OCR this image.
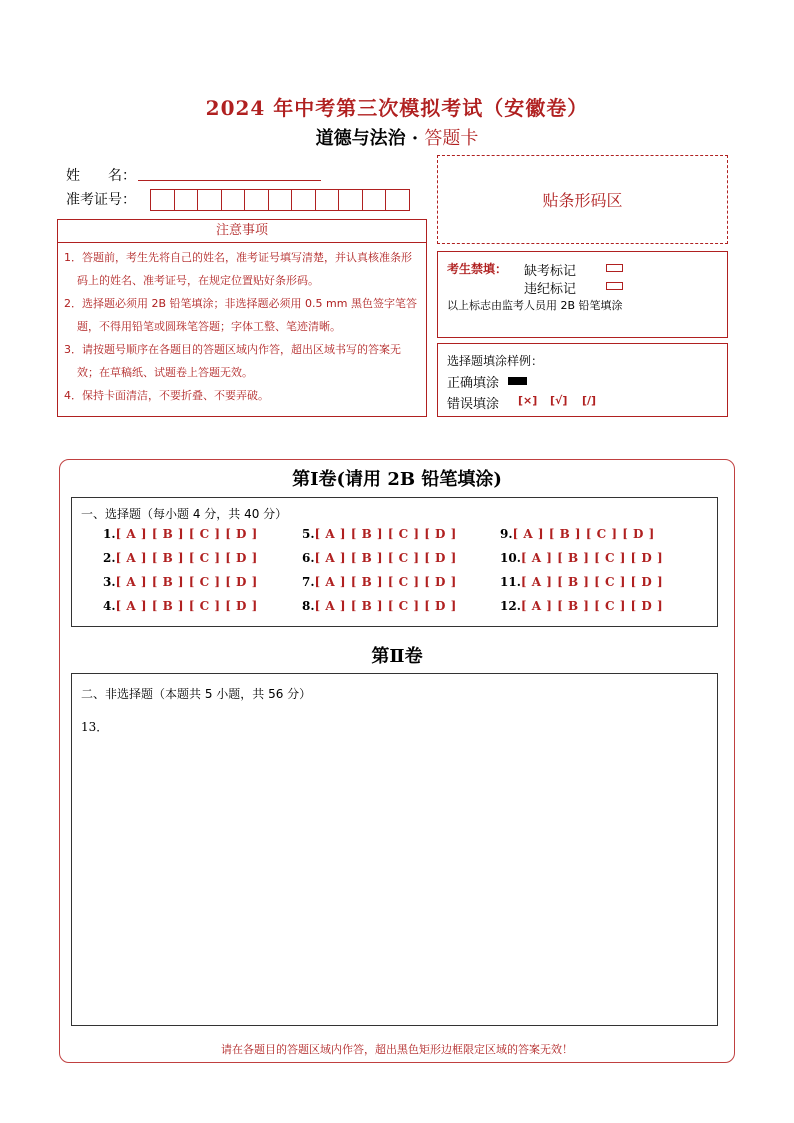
2024 年中考第三次模拟考试（安徽卷）
道德与法治 · 答题卡
姓　　名：
准考证号：	贴条形码区
注意事项

1．答题前，考生先将自己的姓名，准考证号填写清楚，并认真核准条形码上的姓名、准考证号，在规定位置贴好条形码。

2．选择题必须用 2B 铅笔填涂；非选择题必须用 0.5 mm 黑色签字笔答题，不得用铅笔或圆珠笔答题；字体工整、笔迹清晰。

3．请按题号顺序在各题目的答题区域内作答，超出区域书写的答案无效；在草稿纸、试题卷上答题无效。

4．保持卡面清洁，不要折叠、不要弄破。

考生禁填： 缺考标记
违纪标记
以上标志由监考人员用 2B 铅笔填涂
选择题填涂样例：
正确填涂
错误填涂 [×] [√] [/]
第Ⅰ卷(请用 2B 铅笔填涂)
一、选择题（每小题 4 分，共 40 分）
1.[ A ] [ B ] [ C ] [ D ]
2.[ A ] [ B ] [ C ] [ D ]
3.[ A ] [ B ] [ C ] [ D ]
4.[ A ] [ B ] [ C ] [ D ]
5.[ A ] [ B ] [ C ] [ D ]
6.[ A ] [ B ] [ C ] [ D ]
7.[ A ] [ B ] [ C ] [ D ]
8.[ A ] [ B ] [ C ] [ D ]
9.[ A ] [ B ] [ C ] [ D ]
10.[ A ] [ B ] [ C ] [ D ]
11.[ A ] [ B ] [ C ] [ D ]
12.[ A ] [ B ] [ C ] [ D ]
第Ⅱ卷
二、非选择题（本题共 5 小题，共 56 分）
13．
请在各题目的答题区域内作答，超出黑色矩形边框限定区域的答案无效！
